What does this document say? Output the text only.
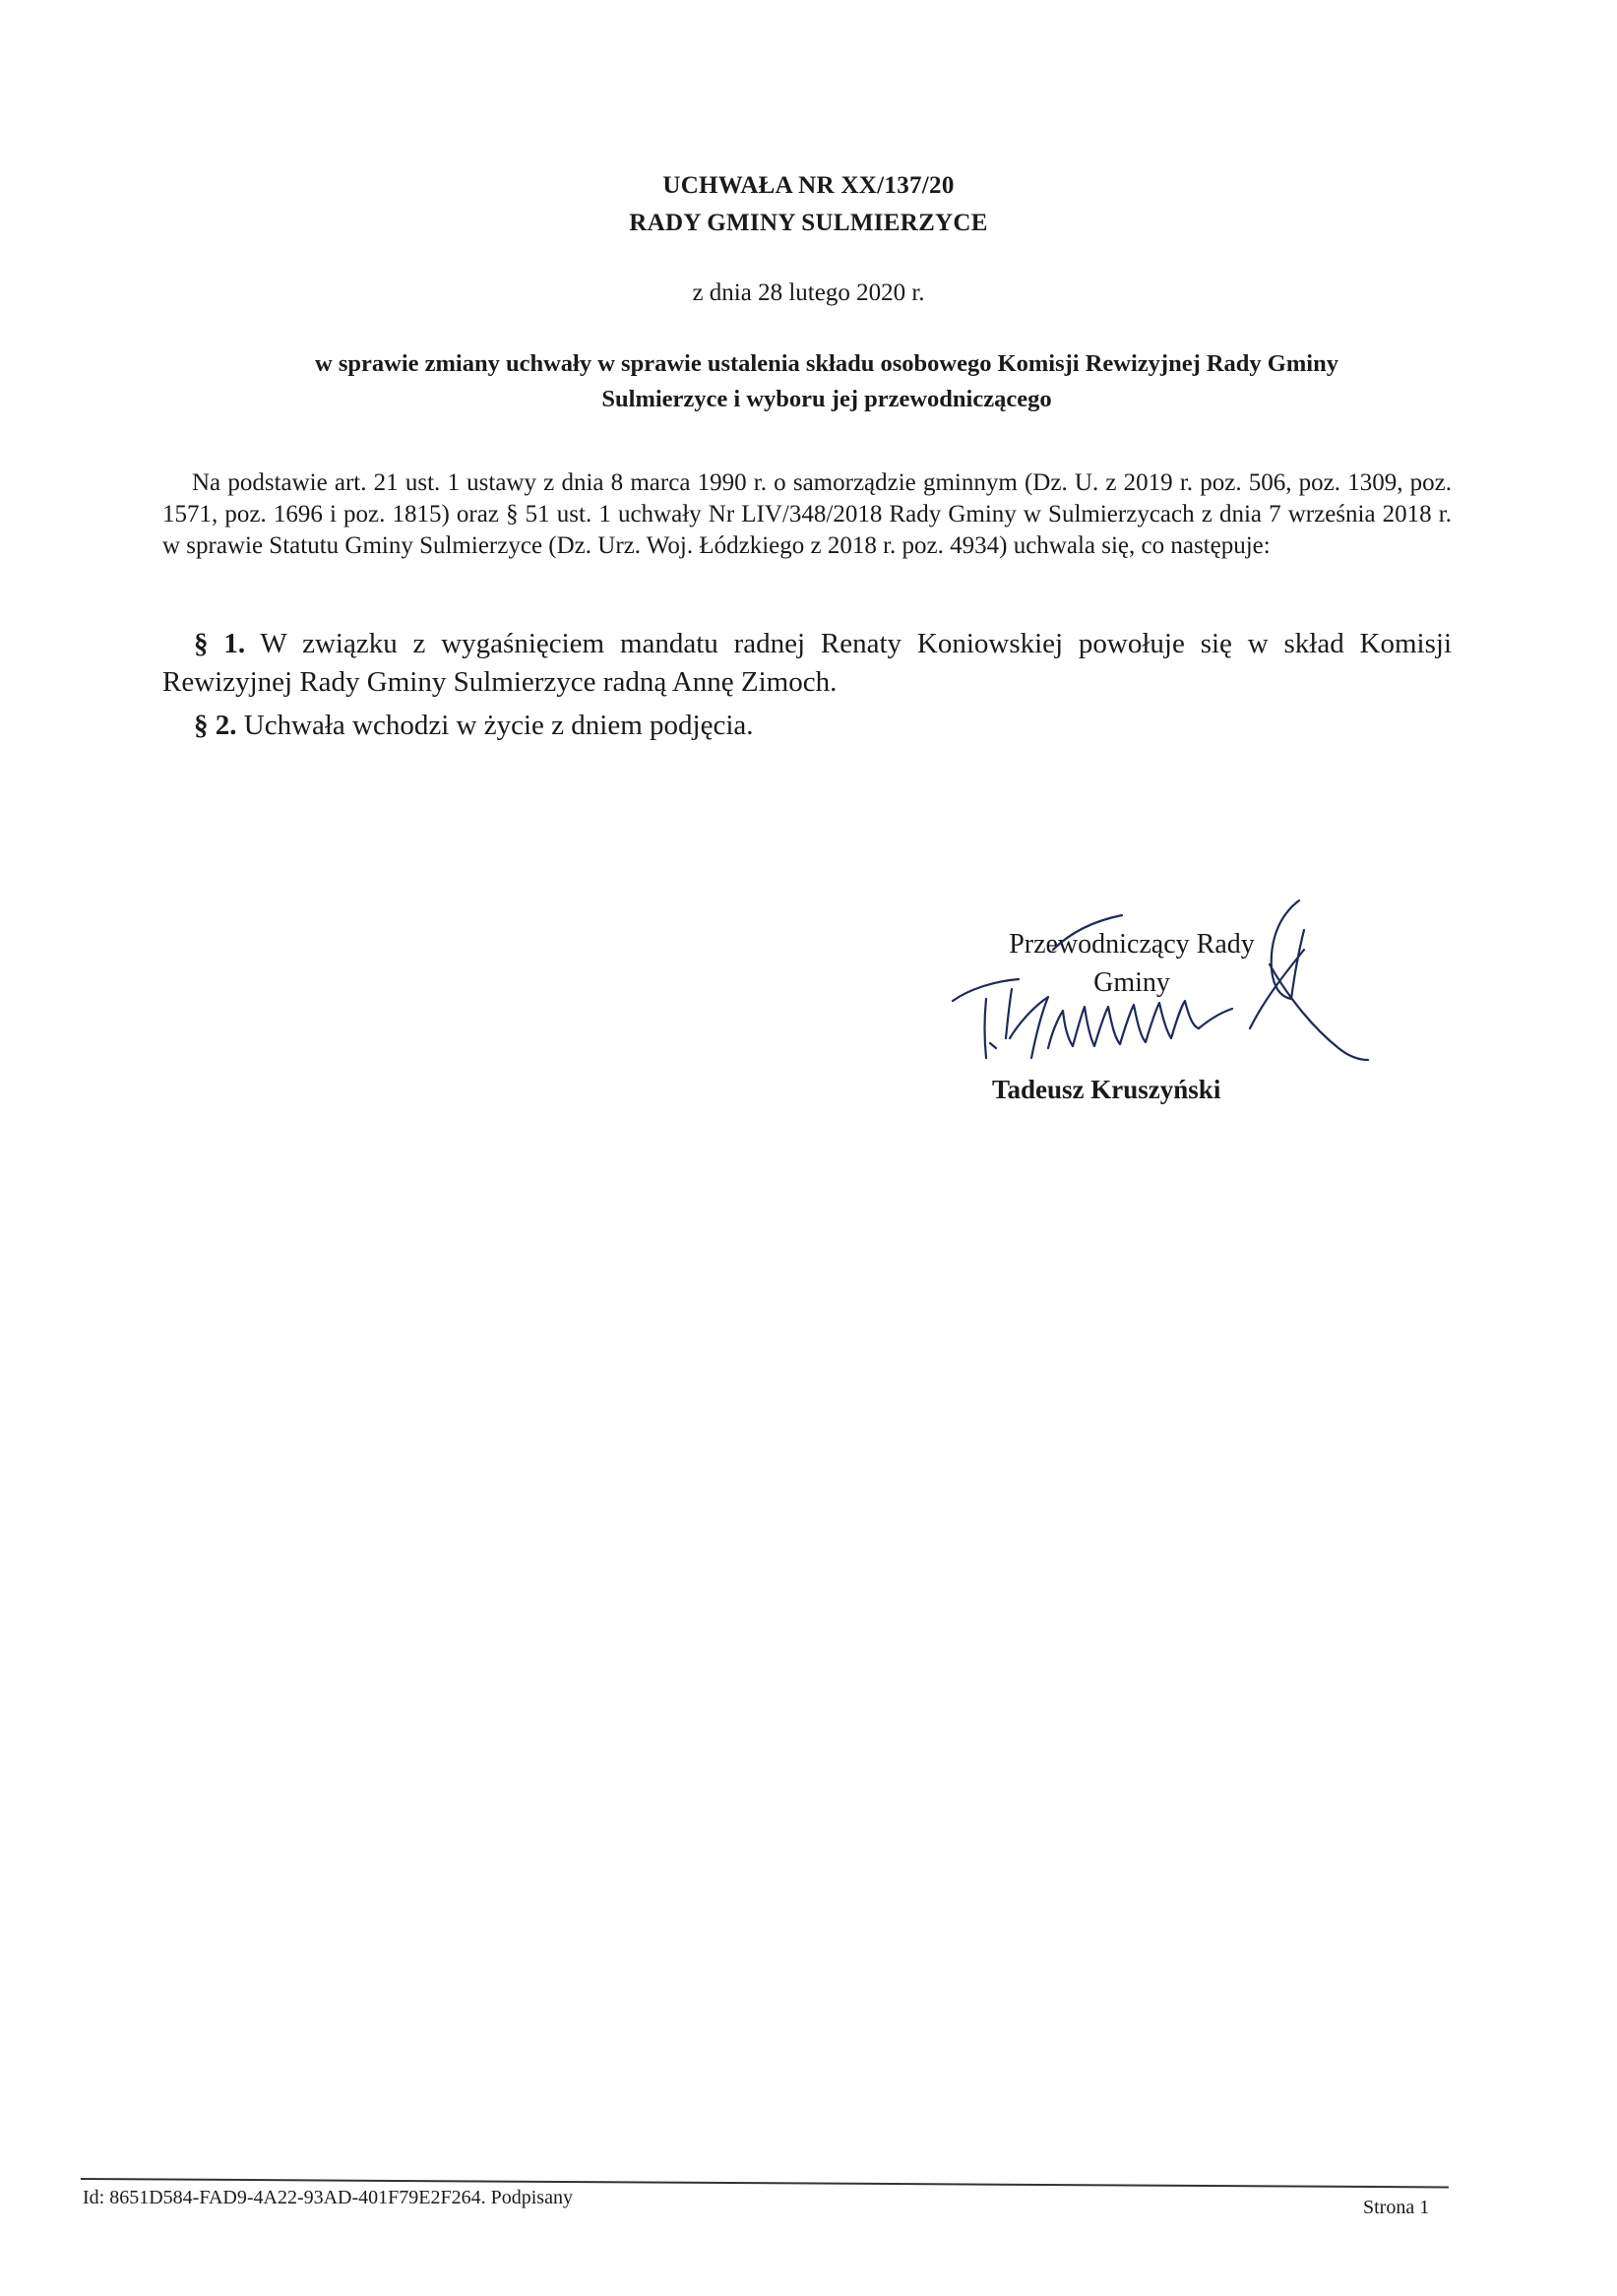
UCHWAŁA NR XX/137/20
RADY GMINY SULMIERZYCE
z dnia 28 lutego 2020 r.
w sprawie zmiany uchwały w sprawie ustalenia składu osobowego Komisji Rewizyjnej Rady Gminy
Sulmierzyce i wyboru jej przewodniczącego
Na podstawie art. 21 ust. 1 ustawy z dnia 8 marca 1990 r. o samorządzie gminnym (Dz. U. z 2019 r. poz. 506, poz. 1309, poz. 1571, poz. 1696 i poz. 1815) oraz § 51 ust. 1 uchwały Nr LIV/348/2018 Rady Gminy w Sulmierzycach z dnia 7 września 2018 r. w sprawie Statutu Gminy Sulmierzyce (Dz. Urz. Woj. Łódzkiego z 2018 r. poz. 4934) uchwala się, co następuje:
§ 1. W związku z wygaśnięciem mandatu radnej Renaty Koniowskiej powołuje się w skład Komisji Rewizyjnej Rady Gminy Sulmierzyce radną Annę Zimoch.
§ 2. Uchwała wchodzi w życie z dniem podjęcia.
Przewodniczący Rady
Gminy
Tadeusz Kruszyński
Id: 8651D584-FAD9-4A22-93AD-401F79E2F264. Podpisany	Strona 1
